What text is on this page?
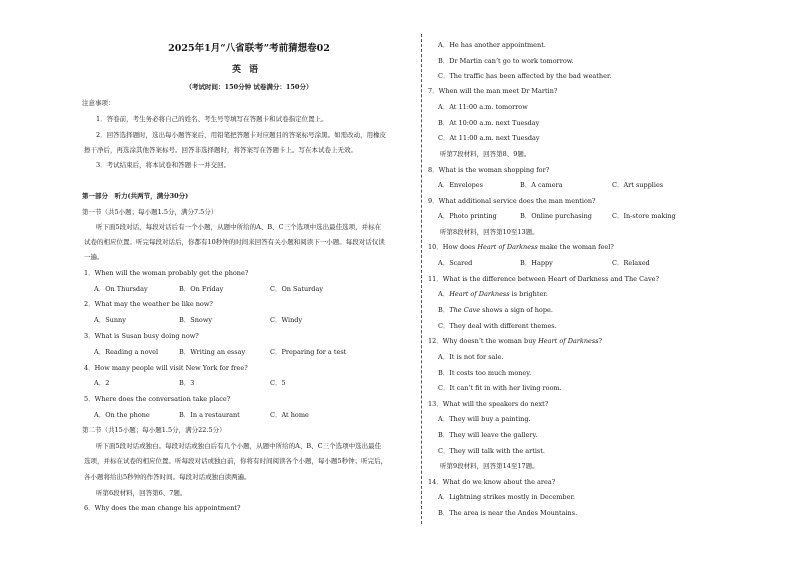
2025年1月“八省联考”考前猜想卷02
英语
（考试时间：150分钟 试卷满分：150分）
注意事项：
1．答卷前，考生务必将自己的姓名、考生号等填写在答题卡和试卷指定位置上。
2．回答选择题时，选出每小题答案后，用铅笔把答题卡对应题目的答案标号涂黑。如需改动，用橡皮
擦干净后，再选涂其他答案标号。回答非选择题时，将答案写在答题卡上。写在本试卷上无效。
3．考试结束后，将本试卷和答题卡一并交回。
第一部分　听力(共两节，满分30分)
第一节（共5小题；每小题1.5分，满分7.5分）
听下面5段对话，每段对话后有一个小题，从题中所给的A、B、C三个选项中选出最佳选项，并标在
试卷的相应位置。听完每段对话后，你都有10秒钟的时间来回答有关小题和阅读下一小题。每段对话仅读
一遍。
1．When will the woman probably get the phone?
A．On Thursday	B．On Friday	C．On Saturday
2．What may the weather be like now?
A．Sunny	B．Snowy	C．Windy
3．What is Susan busy doing now?
A．Reading a novel	B．Writing an essay	C．Preparing for a test
4．How many people will visit New York for free?
A．2	B．3	C．5
5．Where does the conversation take place?
A．On the phone	B．In a restaurant	C．At home
第二节（共15小题；每小题1.5分，满分22.5分）
听下面5段对话或独白。每段对话或独白后有几个小题，从题中所给的A、B、C三个选项中选出最佳
选项，并标在试卷的相应位置。听每段对话或独白前，你将有时间阅读各个小题，每小题5秒钟；听完后，
各小题将给出5秒钟的作答时间。每段对话或独白读两遍。
听第6段材料，回答第6、7题。
6．Why does the man change his appointment?
A．He has another appointment.
B．Dr Martin can’t go to work tomorrow.
C．The traffic has been affected by the bad weather.
7．When will the man meet Dr Martin?
A．At 11:00 a.m. tomorrow
B．At 10:00 a.m. next Tuesday
C．At 11:00 a.m. next Tuesday
听第7段材料，回答第8、9题。
8．What is the woman shopping for?
A．Envelopes	B．A camera	C．Art supplies
9．What additional service does the man mention?
A．Photo printing	B．Online purchasing	C．In-store making
听第8段材料，回答第10至13题。
10．How does Heart of Darkness make the woman feel?
A．Scared	B．Happy	C．Relaxed
11．What is the difference between Heart of Darkness and The Cave?
A．Heart of Darkness is brighter.
B．The Cave shows a sign of hope.
C．They deal with different themes.
12．Why doesn’t the woman buy Heart of Darkness?
A．It is not for sale.
B．It costs too much money.
C．It can’t fit in with her living room.
13．What will the speakers do next?
A．They will buy a painting.
B．They will leave the gallery.
C．They will talk with the artist.
听第9段材料，回答第14至17题。
14．What do we know about the area?
A．Lightning strikes mostly in December.
B．The area is near the Andes Mountains.
